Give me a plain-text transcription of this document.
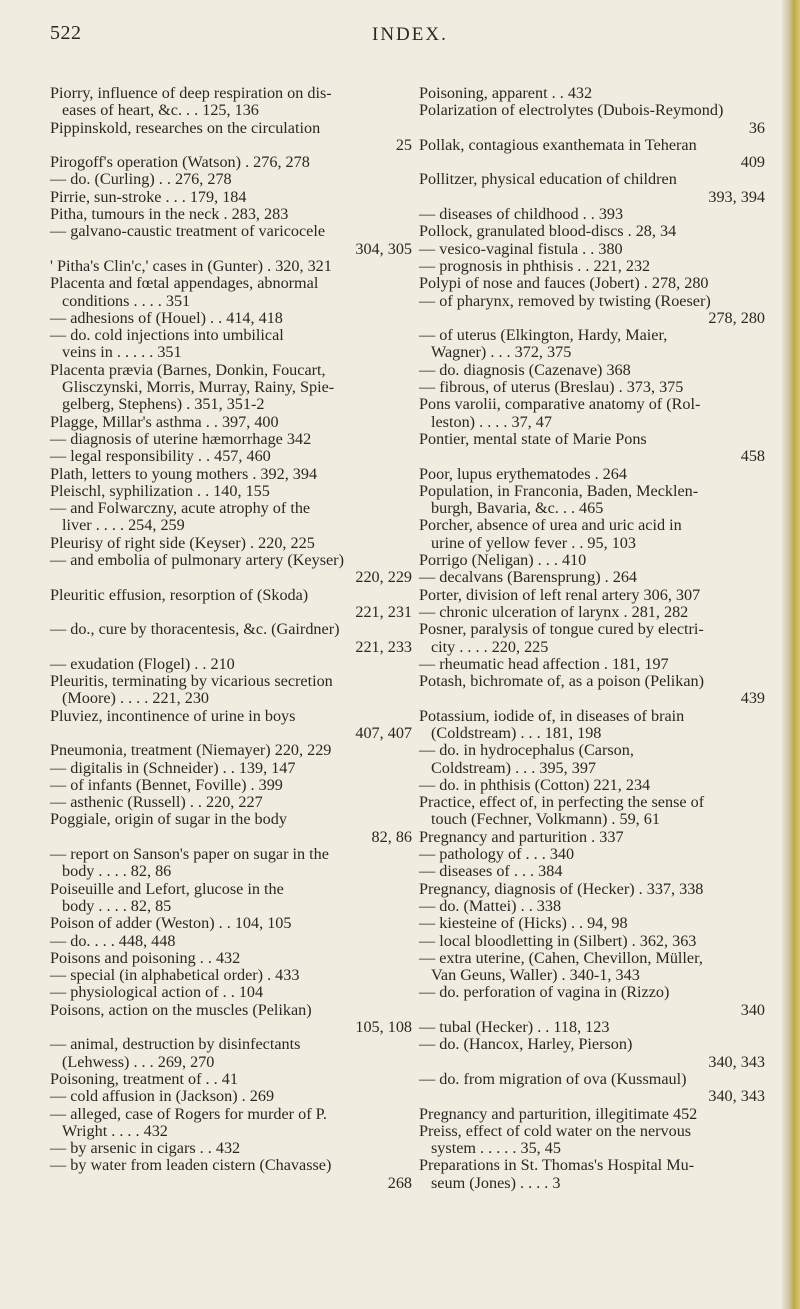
522	INDEX.
Piorry, influence of deep respiration on dis-
eases of heart, &c. . . 125, 136
Pippinskold, researches on the circulation
25
Pirogoff's operation (Watson) . 276, 278
— do. (Curling) . . 276, 278
Pirrie, sun-stroke . . . 179, 184
Pitha, tumours in the neck . 283, 283
— galvano-caustic treatment of varicocele
304, 305
' Pitha's Clin'c,' cases in (Gunter) . 320, 321
Placenta and fœtal appendages, abnormal
conditions . . . . 351
— adhesions of (Houel) . . 414, 418
— do. cold injections into umbilical
veins in . . . . . 351
Placenta prævia (Barnes, Donkin, Foucart,
Glisczynski, Morris, Murray, Rainy, Spie-
gelberg, Stephens) . 351, 351-2
Plagge, Millar's asthma . . 397, 400
— diagnosis of uterine hæmorrhage 342
— legal responsibility . . 457, 460
Plath, letters to young mothers . 392, 394
Pleischl, syphilization . . 140, 155
— and Folwarczny, acute atrophy of the
liver . . . . 254, 259
Pleurisy of right side (Keyser) . 220, 225
— and embolia of pulmonary artery (Keyser)
220, 229
Pleuritic effusion, resorption of (Skoda)
221, 231
— do., cure by thoracentesis, &c. (Gairdner)
221, 233
— exudation (Flogel) . . 210
Pleuritis, terminating by vicarious secretion
(Moore) . . . . 221, 230
Pluviez, incontinence of urine in boys
407, 407
Pneumonia, treatment (Niemayer) 220, 229
— digitalis in (Schneider) . . 139, 147
— of infants (Bennet, Foville) . 399
— asthenic (Russell) . . 220, 227
Poggiale, origin of sugar in the body
82, 86
— report on Sanson's paper on sugar in the
body . . . . 82, 86
Poiseuille and Lefort, glucose in the
body . . . . 82, 85
Poison of adder (Weston) . . 104, 105
— do. . . . 448, 448
Poisons and poisoning . . 432
— special (in alphabetical order) . 433
— physiological action of . . 104
Poisons, action on the muscles (Pelikan)
105, 108
— animal, destruction by disinfectants
(Lehwess) . . . 269, 270
Poisoning, treatment of . . 41
— cold affusion in (Jackson) . 269
— alleged, case of Rogers for murder of P.
Wright . . . . 432
— by arsenic in cigars . . 432
— by water from leaden cistern (Chavasse)
268
Poisoning, apparent . . 432
Polarization of electrolytes (Dubois-Reymond)
36
Pollak, contagious exanthemata in Teheran
409
Pollitzer, physical education of children
393, 394
— diseases of childhood . . 393
Pollock, granulated blood-discs . 28, 34
— vesico-vaginal fistula . . 380
— prognosis in phthisis . . 221, 232
Polypi of nose and fauces (Jobert) . 278, 280
— of pharynx, removed by twisting (Roeser)
278, 280
— of uterus (Elkington, Hardy, Maier,
Wagner) . . . 372, 375
— do. diagnosis (Cazenave) 368
— fibrous, of uterus (Breslau) . 373, 375
Pons varolii, comparative anatomy of (Rol-
leston) . . . . 37, 47
Pontier, mental state of Marie Pons
458
Poor, lupus erythematodes . 264
Population, in Franconia, Baden, Mecklen-
burgh, Bavaria, &c. . . 465
Porcher, absence of urea and uric acid in
urine of yellow fever . . 95, 103
Porrigo (Neligan) . . . 410
— decalvans (Barensprung) . 264
Porter, division of left renal artery 306, 307
— chronic ulceration of larynx . 281, 282
Posner, paralysis of tongue cured by electri-
city . . . . 220, 225
— rheumatic head affection . 181, 197
Potash, bichromate of, as a poison (Pelikan)
439
Potassium, iodide of, in diseases of brain
(Coldstream) . . . 181, 198
— do. in hydrocephalus (Carson,
Coldstream) . . . 395, 397
— do. in phthisis (Cotton) 221, 234
Practice, effect of, in perfecting the sense of
touch (Fechner, Volkmann) . 59, 61
Pregnancy and parturition . 337
— pathology of . . . 340
— diseases of . . . 384
Pregnancy, diagnosis of (Hecker) . 337, 338
— do. (Mattei) . . 338
— kiesteine of (Hicks) . . 94, 98
— local bloodletting in (Silbert) . 362, 363
— extra uterine, (Cahen, Chevillon, Müller,
Van Geuns, Waller) . 340-1, 343
— do. perforation of vagina in (Rizzo)
340
— tubal (Hecker) . . 118, 123
— do. (Hancox, Harley, Pierson)
340, 343
— do. from migration of ova (Kussmaul)
340, 343
Pregnancy and parturition, illegitimate 452
Preiss, effect of cold water on the nervous
system . . . . . 35, 45
Preparations in St. Thomas's Hospital Mu-
seum (Jones) . . . . 3
